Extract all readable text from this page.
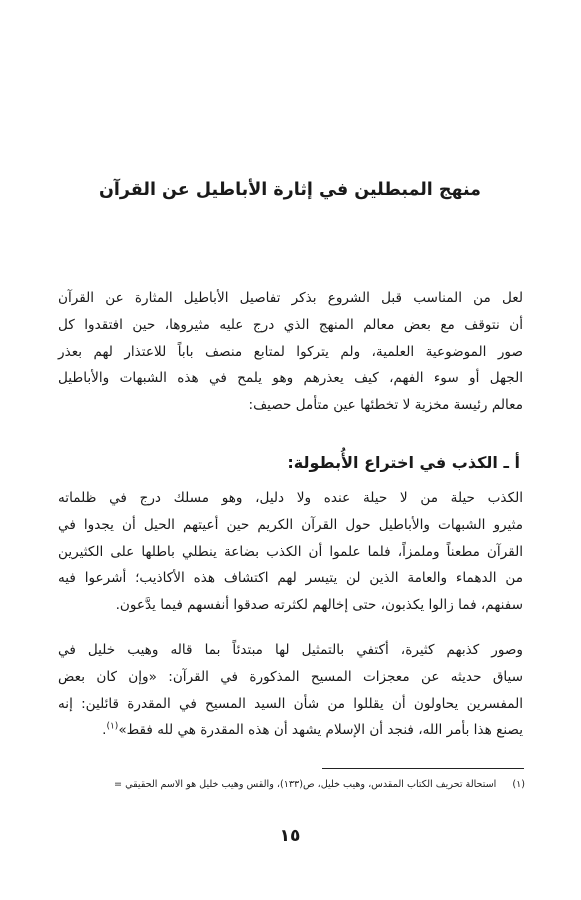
منهج المبطلين في إثارة الأباطيل عن القرآن
لعل من المناسب قبل الشروع بذكر تفاصيل الأباطيل المثارة عن القرآن
أن نتوقف مع بعض معالم المنهج الذي درج عليه مثيروها، حين افتقدوا كل
صور الموضوعية العلمية، ولم يتركوا لمتابع منصف باباً للاعتذار لهم بعذر
الجهل أو سوء الفهم، كيف يعذرهم وهو يلمح في هذه الشبهات والأباطيل
معالم رئيسة مخزية لا تخطئها عين متأمل حصيف:
أ ـ الكذب في اختراع الأُبطولة:
الكذب حيلة من لا حيلة عنده ولا دليل، وهو مسلك درج في ظلماته
مثيرو الشبهات والأباطيل حول القرآن الكريم حين أعيتهم الحيل أن يجدوا في
القرآن مطعناً وملمزاً، فلما علموا أن الكذب بضاعة ينطلي باطلها على الكثيرين
من الدهماء والعامة الذين لن يتيسر لهم اكتشاف هذه الأكاذيب؛ أشرعوا فيه
سفنهم، فما زالوا يكذبون، حتى إخالهم لكثرته صدقوا أنفسهم فيما يدَّعون.
وصور كذبهم كثيرة، أكتفي بالتمثيل لها مبتدئاً بما قاله وهيب خليل في
سياق حديثه عن معجزات المسيح المذكورة في القرآن: «وإن كان بعض
المفسرين يحاولون أن يقللوا من شأن السيد المسيح في المقدرة قائلين: إنه
يصنع هذا بأمر الله، فنجد أن الإسلام يشهد أن هذه المقدرة هي لله فقط»$^{(١)}$.
(١)استحالة تحريف الكتاب المقدس، وهيب خليل، ص(١٣٣)، والقس وهيب خليل هو الاسم الحقيقي =
١٥
